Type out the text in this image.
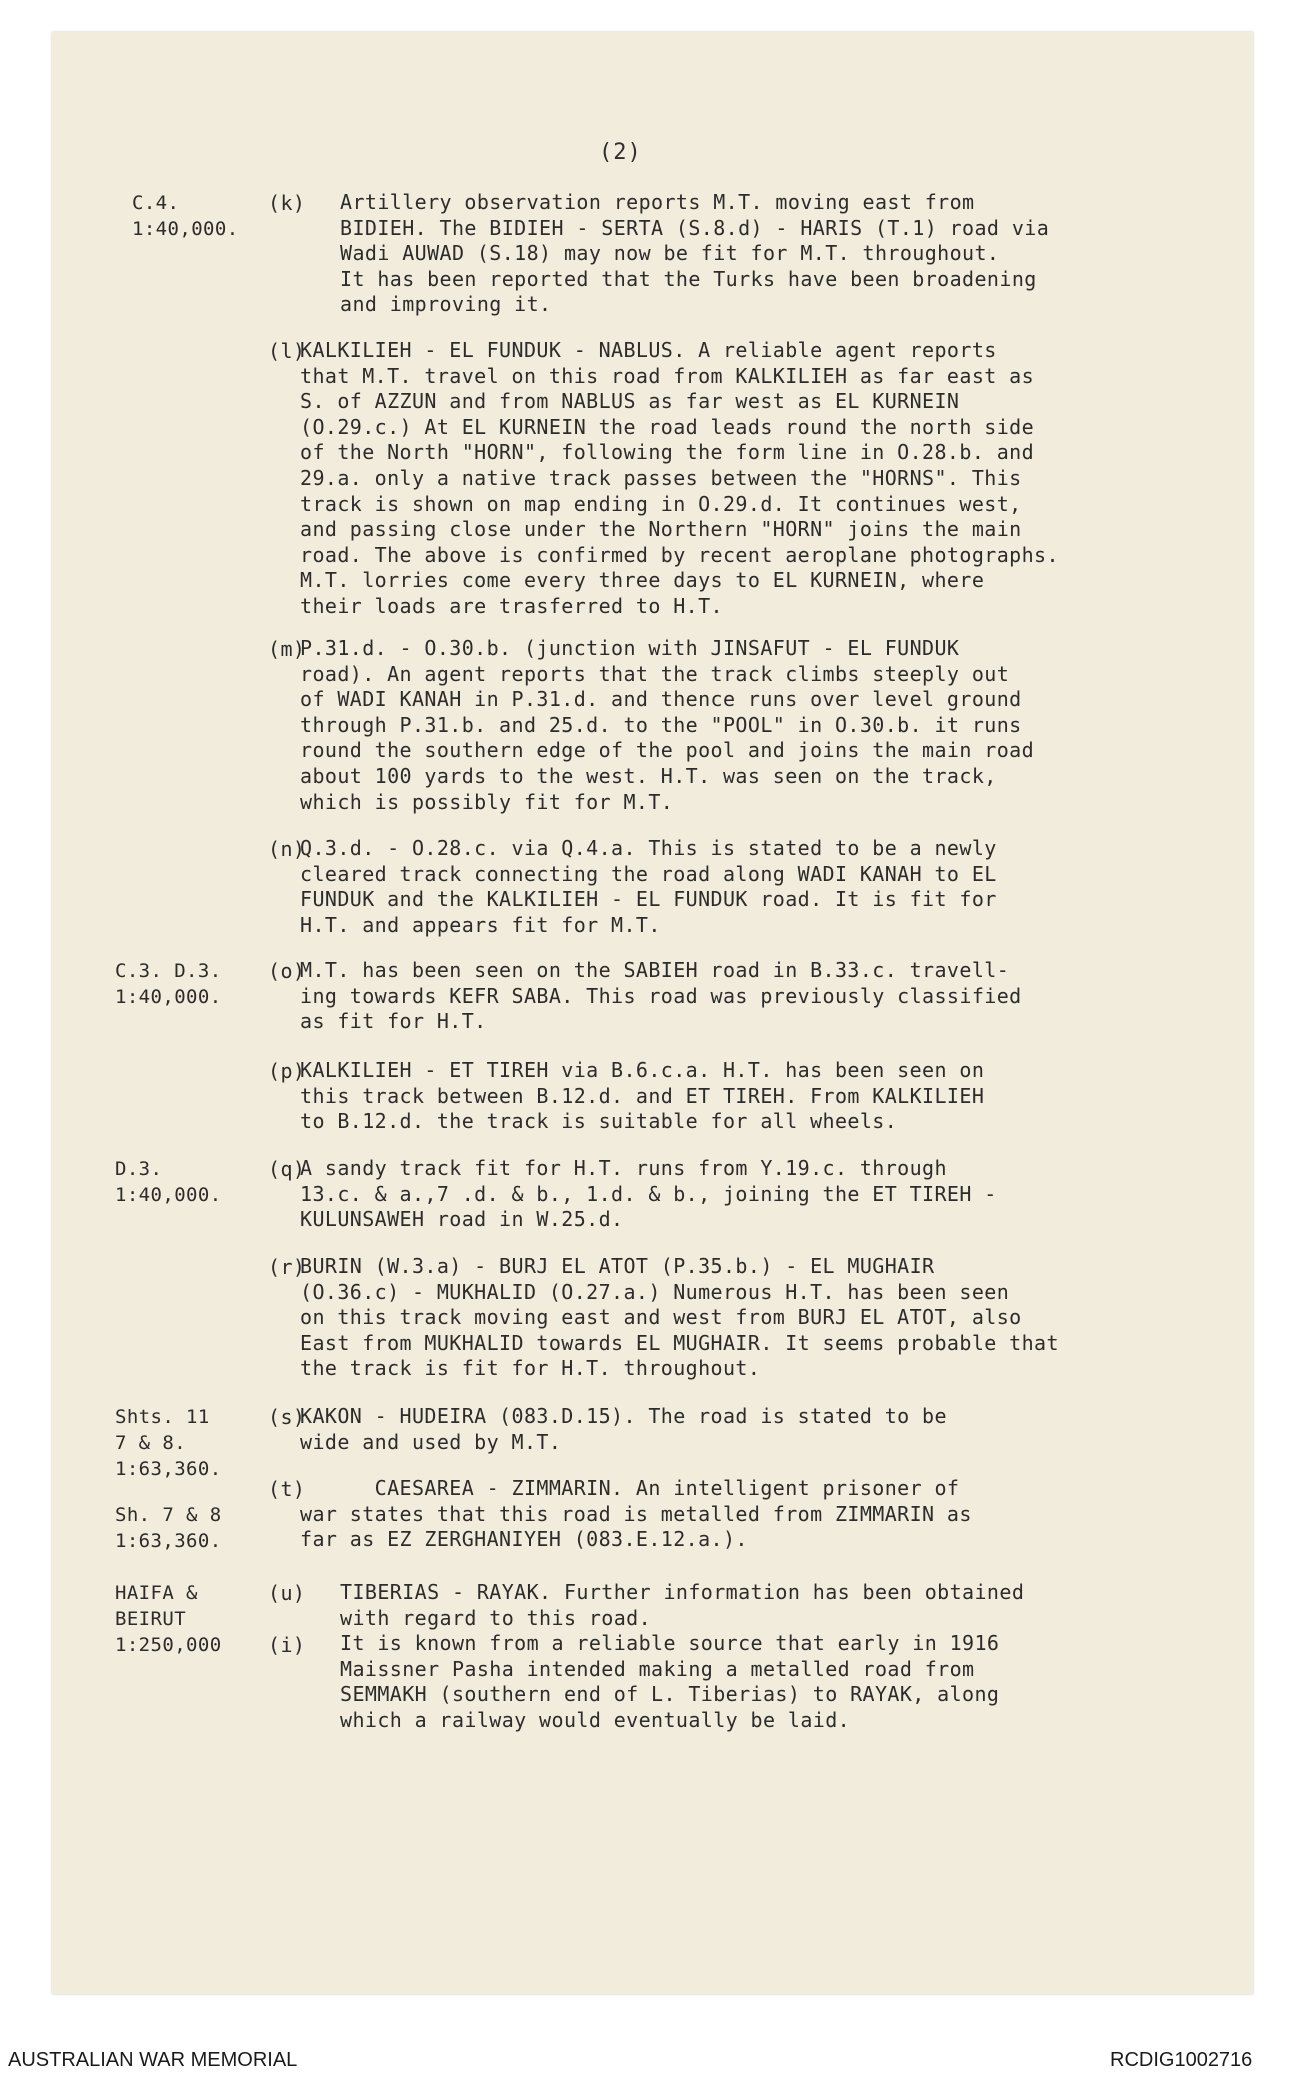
(2)
C.4.
1:40,000.
(k) Artillery observation reports M.T. moving east from
BIDIEH. The BIDIEH - SERTA (S.8.d) - HARIS (T.1) road via
Wadi AUWAD (S.18) may now be fit for M.T. throughout.
It has been reported that the Turks have been broadening
and improving it.
(l)
KALKILIEH - EL FUNDUK - NABLUS. A reliable agent reports
that M.T. travel on this road from KALKILIEH as far east as
S. of AZZUN and from NABLUS as far west as EL KURNEIN
(O.29.c.) At EL KURNEIN the road leads round the north side
of the North "HORN", following the form line in O.28.b. and
29.a. only a native track passes between the "HORNS". This
track is shown on map ending in O.29.d. It continues west,
and passing close under the Northern "HORN" joins the main
road. The above is confirmed by recent aeroplane photographs.
M.T. lorries come every three days to EL KURNEIN, where
their loads are trasferred to H.T.
(m)
P.31.d. - O.30.b. (junction with JINSAFUT - EL FUNDUK
road). An agent reports that the track climbs steeply out
of WADI KANAH in P.31.d. and thence runs over level ground
through P.31.b. and 25.d. to the "POOL" in O.30.b. it runs
round the southern edge of the pool and joins the main road
about 100 yards to the west. H.T. was seen on the track,
which is possibly fit for M.T.
(n)
Q.3.d. - O.28.c. via Q.4.a. This is stated to be a newly
cleared track connecting the road along WADI KANAH to EL
FUNDUK and the KALKILIEH - EL FUNDUK road. It is fit for
H.T. and appears fit for M.T.
C.3. D.3.
1:40,000.
(o)
M.T. has been seen on the SABIEH road in B.33.c. travell-
ing towards KEFR SABA. This road was previously classified
as fit for H.T.
(p)
KALKILIEH - ET TIREH via B.6.c.a. H.T. has been seen on
this track between B.12.d. and ET TIREH. From KALKILIEH
to B.12.d. the track is suitable for all wheels.
D.3.
1:40,000.
(q)
A sandy track fit for H.T. runs from Y.19.c. through
13.c. & a.,7 .d. & b., 1.d. & b., joining the ET TIREH -
KULUNSAWEH road in W.25.d.
(r)
BURIN (W.3.a) - BURJ EL ATOT (P.35.b.) - EL MUGHAIR
(O.36.c) - MUKHALID (O.27.a.) Numerous H.T. has been seen
on this track moving east and west from BURJ EL ATOT, also
East from MUKHALID towards EL MUGHAIR. It seems probable that
the track is fit for H.T. throughout.
Shts. 11
7 & 8.
1:63,360.
(s)
KAKON - HUDEIRA (083.D.15). The road is stated to be
wide and used by M.T.
(t)
Sh. 7 & 8
1:63,360.
CAESAREA - ZIMMARIN. An intelligent prisoner of
war states that this road is metalled from ZIMMARIN as
far as EZ ZERGHANIYEH (083.E.12.a.).
HAIFA &
BEIRUT
1:250,000
(u)

(i)
TIBERIAS - RAYAK. Further information has been obtained
with regard to this road.
It is known from a reliable source that early in 1916
Maissner Pasha intended making a metalled road from
SEMMAKH (southern end of L. Tiberias) to RAYAK, along
which a railway would eventually be laid.
AUSTRALIAN WAR MEMORIAL	RCDIG1002716
